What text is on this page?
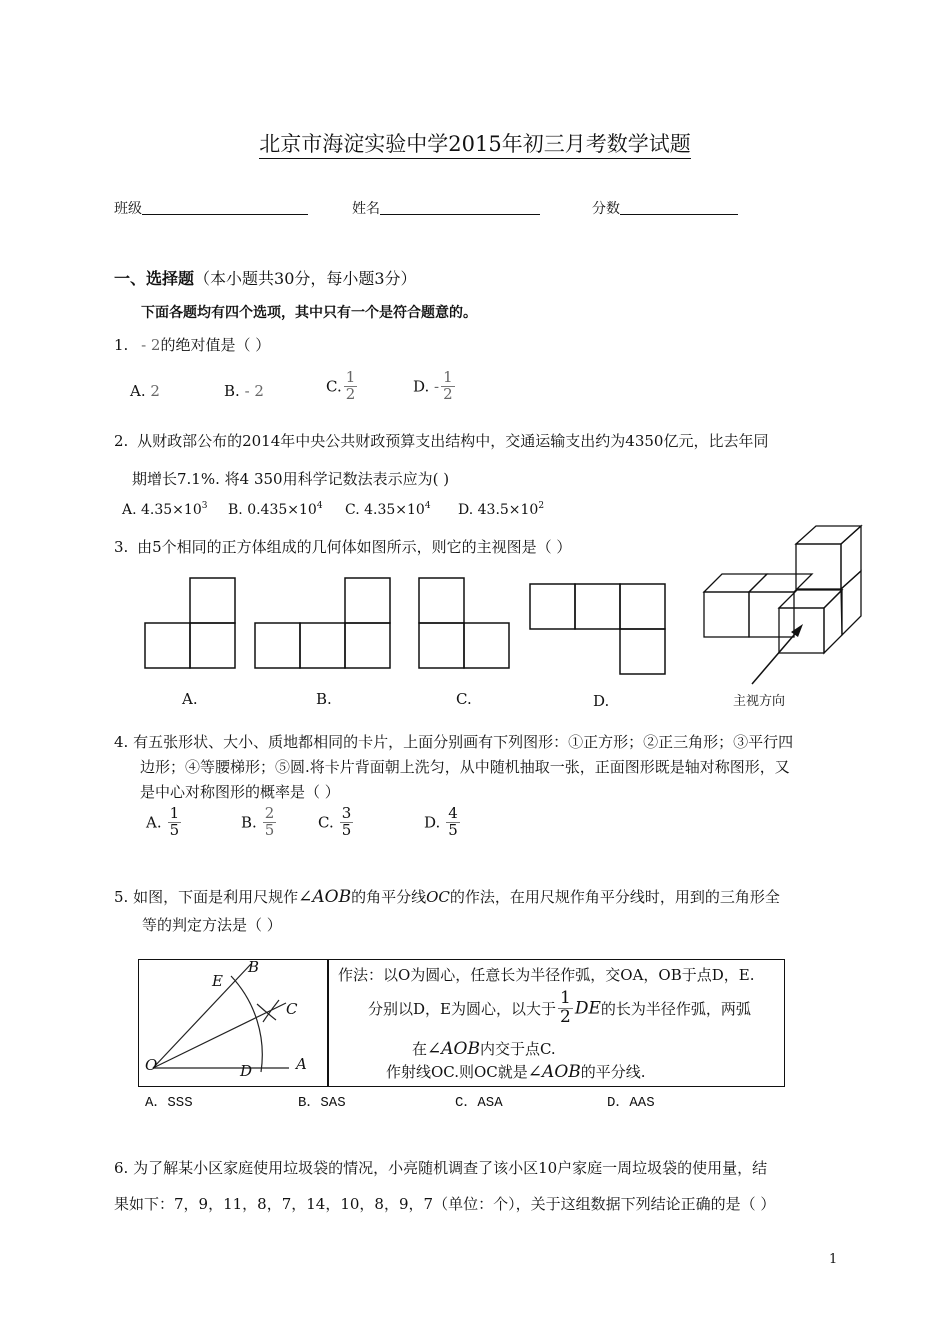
北京市海淀实验中学2015年初三月考数学试题
班级	姓名	分数
一、选择题（本小题共30分，每小题3分）
下面各题均有四个选项，其中只有一个是符合题意的。
1. - 2的绝对值是（ ）
A. 2	B. - 2	C. $\frac{1}{2}$	D. - $\frac{1}{2}$
2. 从财政部公布的2014年中央公共财政预算支出结构中，交通运输支出约为4350亿元，比去年同
期增长7.1%. 将4 350用科学记数法表示应为( )
A. $4.35\times 10^3$ B. $0.435\times 10^4$ C. $4.35\times 10^4$ D. $43.5\times 10^2$
3. 由5个相同的正方体组成的几何体如图所示，则它的主视图是（ ）
A.	B.	C.	D.	主视方向
4. 有五张形状、大小、质地都相同的卡片，上面分别画有下列图形：①正方形；②正三角形；③平行四
边形；④等腰梯形；⑤圆.将卡片背面朝上洗匀，从中随机抽取一张，正面图形既是轴对称图形，又
是中心对称图形的概率是（ ）
A. $\frac{1}{5}$	B. $\frac{2}{5}$	C. $\frac{3}{5}$	D. $\frac{4}{5}$
5. 如图，下面是利用尺规作∠AOB的角平分线OC的作法，在用尺规作角平分线时，用到的三角形全
等的判定方法是（ ）
B
E
C
O	D	A
作法：以O为圆心，任意长为半径作弧，交OA，OB于点D，E.
分别以D，E为圆心，以大于 $\frac{1}{2}$ DE的长为半径作弧，两弧
在∠AOB内交于点C.
作射线OC.则OC就是∠AOB的平分线.
A．SSS	B．SAS	C．ASA	D．AAS
6. 为了解某小区家庭使用垃圾袋的情况，小亮随机调查了该小区10户家庭一周垃圾袋的使用量，结
果如下：7，9，11，8，7，14，10，8，9，7（单位：个），关于这组数据下列结论正确的是（ ）
1
